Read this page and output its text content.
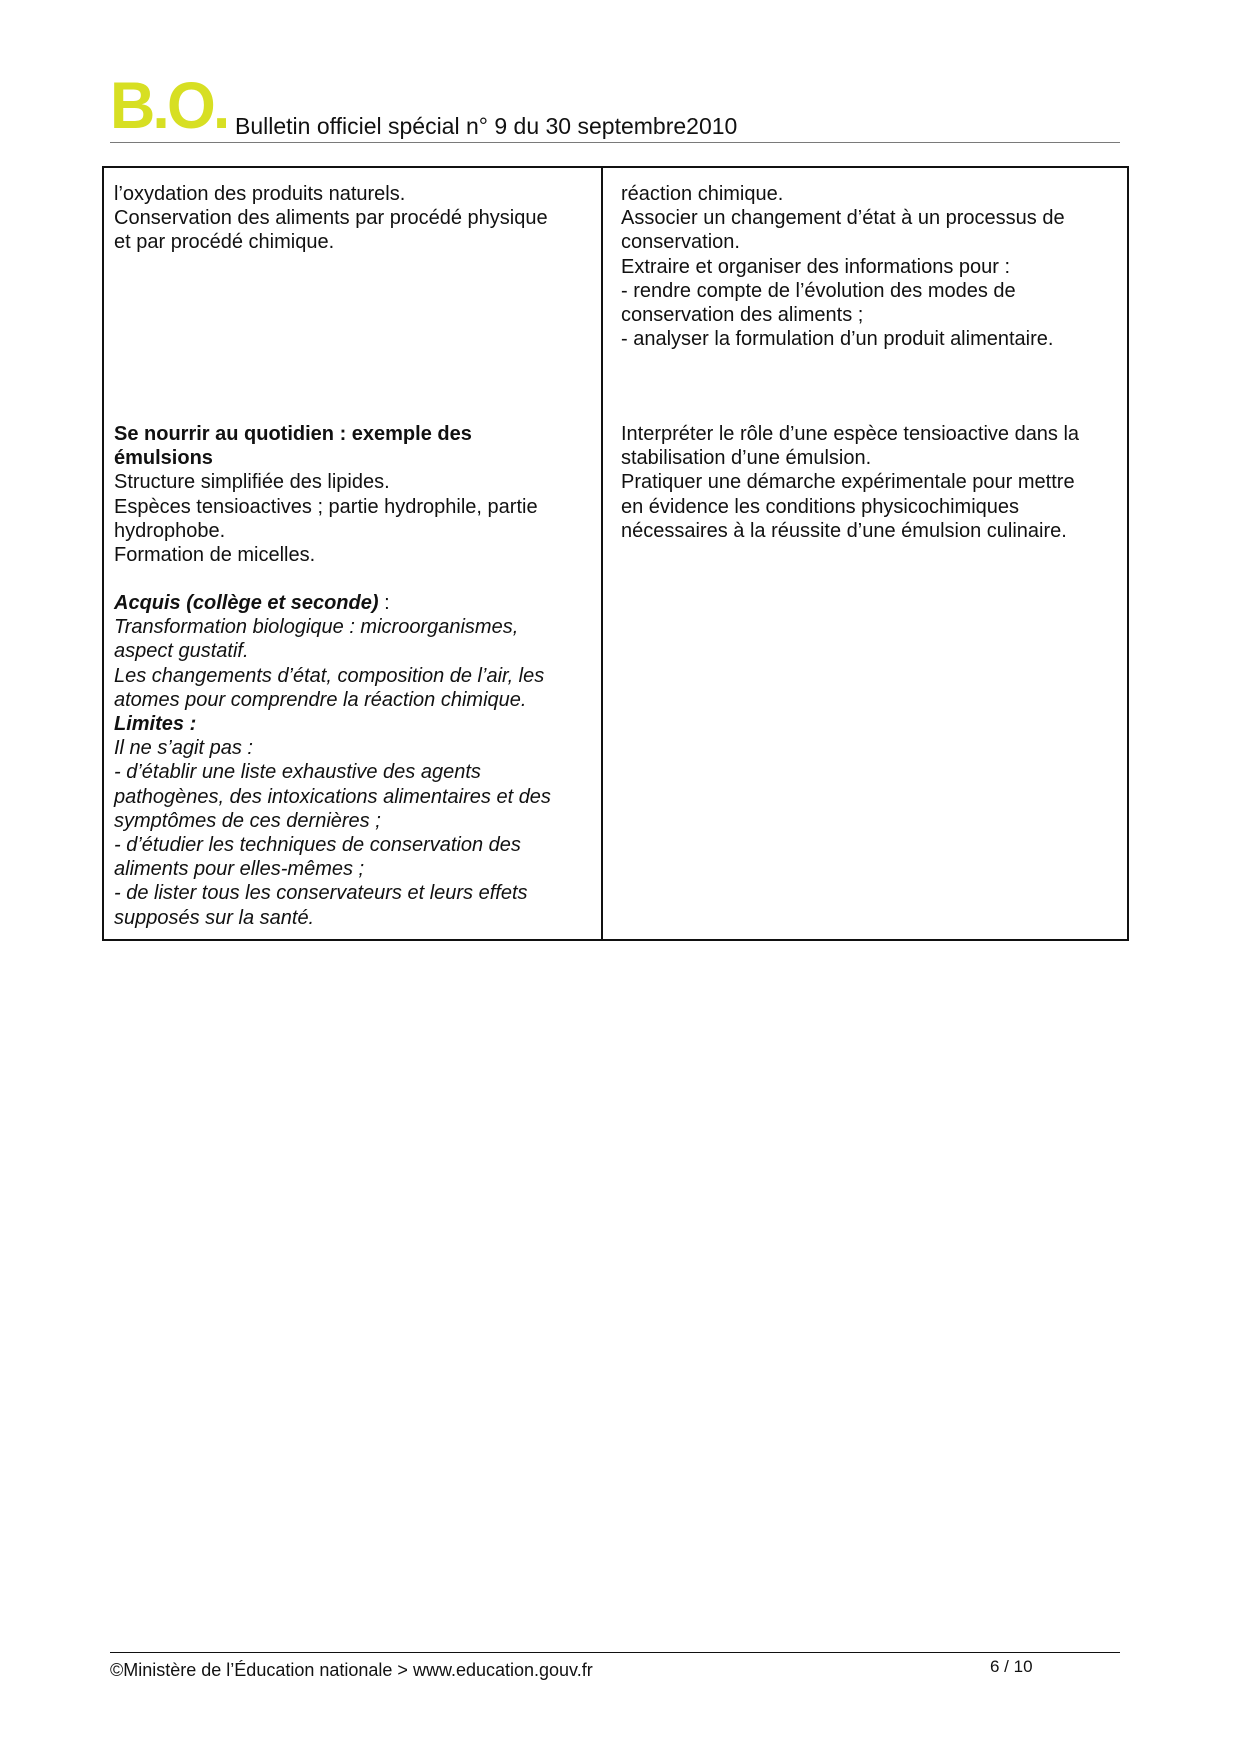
B.O. Bulletin officiel spécial n° 9 du 30 septembre2010
l’oxydation des produits naturels.
Conservation des aliments par procédé physique
et par procédé chimique.
réaction chimique.
Associer un changement d’état à un processus de
conservation.
Extraire et organiser des informations pour :
- rendre compte de l’évolution des modes de
conservation des aliments ;
- analyser la formulation d’un produit alimentaire.
Se nourrir au quotidien : exemple des
émulsions
Structure simplifiée des lipides.
Espèces tensioactives ; partie hydrophile, partie
hydrophobe.
Formation de micelles.
Acquis (collège et seconde) :
Transformation biologique : microorganismes,
aspect gustatif.
Les changements d’état, composition de l’air, les
atomes pour comprendre la réaction chimique.
Limites :
Il ne s’agit pas :
- d’établir une liste exhaustive des agents
pathogènes, des intoxications alimentaires et des
symptômes de ces dernières ;
- d’étudier les techniques de conservation des
aliments pour elles-mêmes ;
- de lister tous les conservateurs et leurs effets
supposés sur la santé.
Interpréter le rôle d’une espèce tensioactive dans la
stabilisation d’une émulsion.
Pratiquer une démarche expérimentale pour mettre
en évidence les conditions physicochimiques
nécessaires à la réussite d’une émulsion culinaire.
©Ministère de l’Éducation nationale > www.education.gouv.fr	6 / 10
